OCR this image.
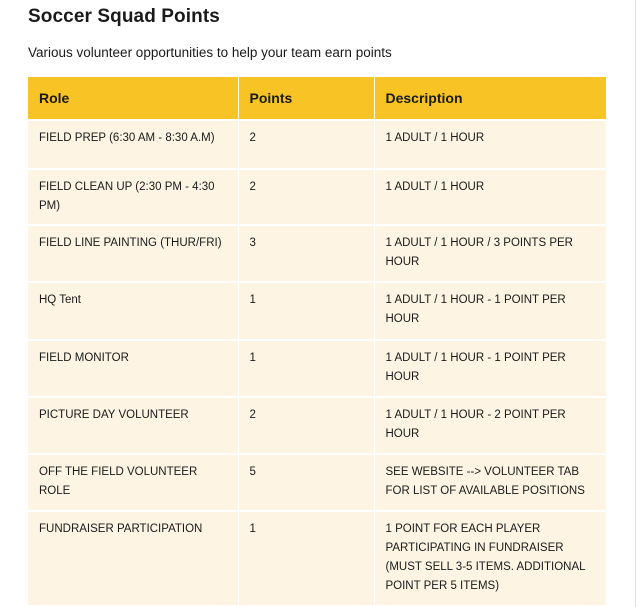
Soccer Squad Points
Various volunteer opportunities to help your team earn points
Role	Points	Description
FIELD PREP (6:30 AM - 8:30 A.M)	2	1 ADULT / 1 HOUR
FIELD CLEAN UP (2:30 PM - 4:30 PM)	2	1 ADULT / 1 HOUR
FIELD LINE PAINTING (THUR/FRI)	3	1 ADULT / 1 HOUR / 3 POINTS PER HOUR
HQ Tent	1	1 ADULT / 1 HOUR - 1 POINT PER HOUR
FIELD MONITOR	1	1 ADULT / 1 HOUR - 1 POINT PER HOUR
PICTURE DAY VOLUNTEER	2	1 ADULT / 1 HOUR - 2 POINT PER HOUR
OFF THE FIELD VOLUNTEER ROLE	5	SEE WEBSITE --> VOLUNTEER TAB FOR LIST OF AVAILABLE POSITIONS
FUNDRAISER PARTICIPATION	1	1 POINT FOR EACH PLAYER PARTICIPATING IN FUNDRAISER (MUST SELL 3-5 ITEMS. ADDITIONAL POINT PER 5 ITEMS)
